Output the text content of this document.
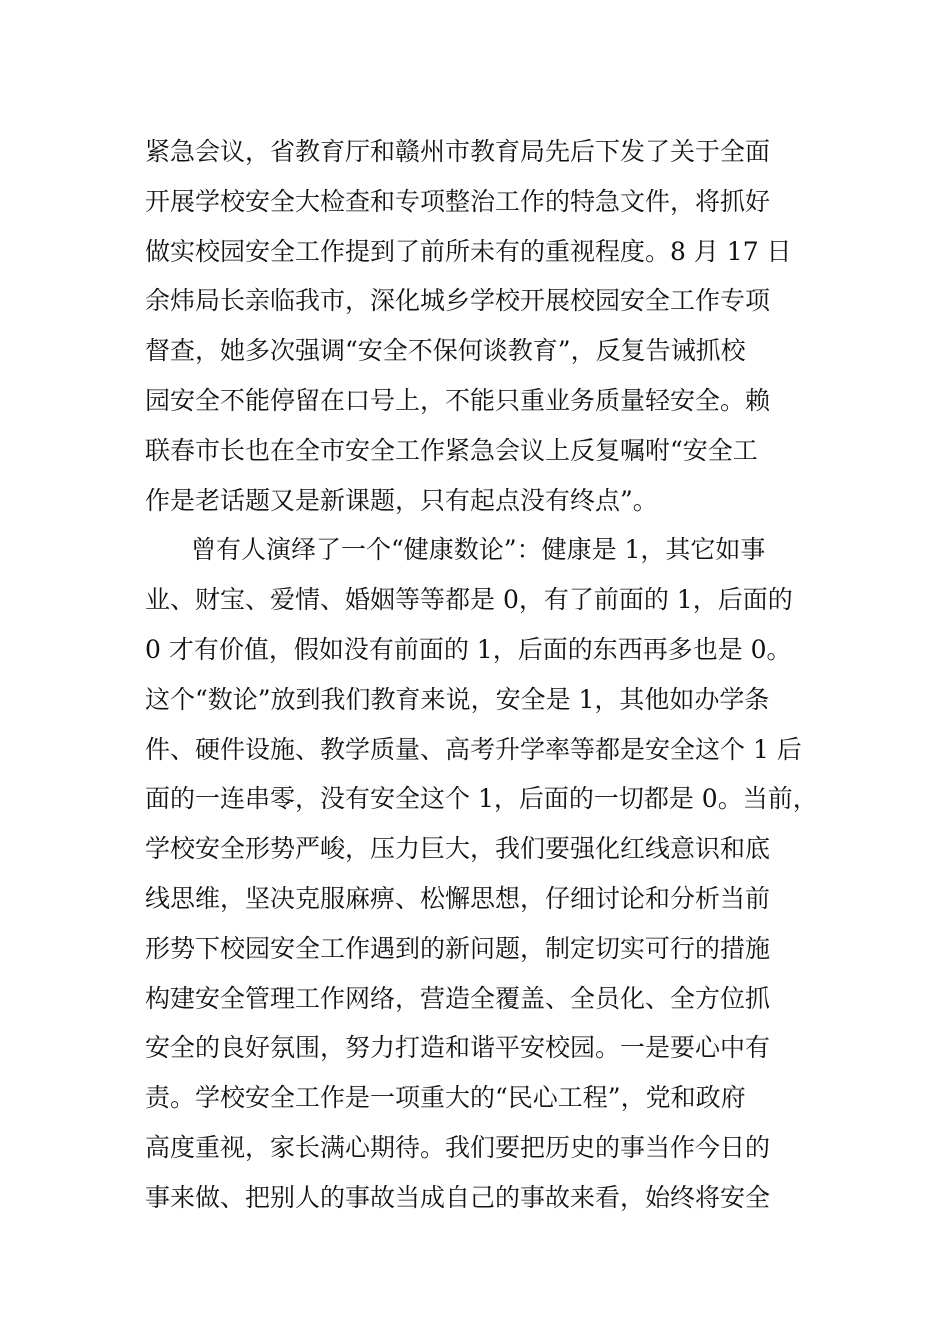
紧急会议，省教育厅和赣州市教育局先后下发了关于全面
开展学校安全大检查和专项整治工作的特急文件，将抓好
做实校园安全工作提到了前所未有的重视程度。8 月 17 日
余炜局长亲临我市，深化城乡学校开展校园安全工作专项
督查，她多次强调“安全不保何谈教育”，反复告诫抓校
园安全不能停留在口号上，不能只重业务质量轻安全。赖
联春市长也在全市安全工作紧急会议上反复嘱咐“安全工
作是老话题又是新课题，只有起点没有终点”。
曾有人演绎了一个“健康数论”：健康是 1，其它如事
业、财宝、爱情、婚姻等等都是 0，有了前面的 1，后面的
0 才有价值，假如没有前面的 1，后面的东西再多也是 0。
这个“数论”放到我们教育来说，安全是 1，其他如办学条
件、硬件设施、教学质量、高考升学率等都是安全这个 1 后
面的一连串零，没有安全这个 1，后面的一切都是 0。当前，
学校安全形势严峻，压力巨大，我们要强化红线意识和底
线思维，坚决克服麻痹、松懈思想，仔细讨论和分析当前
形势下校园安全工作遇到的新问题，制定切实可行的措施
构建安全管理工作网络，营造全覆盖、全员化、全方位抓
安全的良好氛围，努力打造和谐平安校园。一是要心中有
责。学校安全工作是一项重大的“民心工程”，党和政府
高度重视，家长满心期待。我们要把历史的事当作今日的
事来做、把别人的事故当成自己的事故来看，始终将安全
